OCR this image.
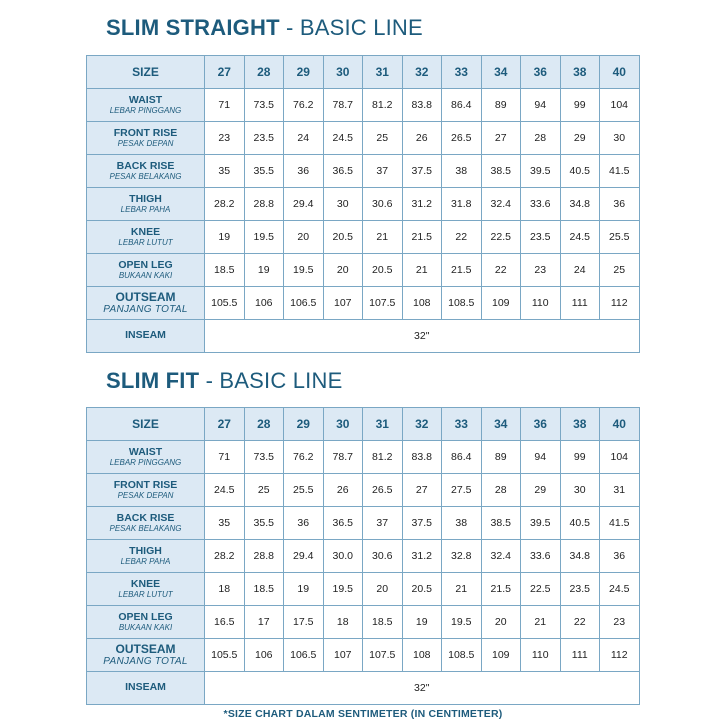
SLIM STRAIGHT - BASIC LINE
SIZE	27	28	29	30	31	32	33	34	36	38	40

WAIST
LEBAR PINGGANG	71	73.5	76.2	78.7	81.2	83.8	86.4	89	94	99	104

FRONT RISE
PESAK DEPAN	23	23.5	24	24.5	25	26	26.5	27	28	29	30

BACK RISE
PESAK BELAKANG	35	35.5	36	36.5	37	37.5	38	38.5	39.5	40.5	41.5

THIGH
LEBAR PAHA	28.2	28.8	29.4	30	30.6	31.2	31.8	32.4	33.6	34.8	36

KNEE
LEBAR LUTUT	19	19.5	20	20.5	21	21.5	22	22.5	23.5	24.5	25.5

OPEN LEG
BUKAAN KAKI	18.5	19	19.5	20	20.5	21	21.5	22	23	24	25

OUTSEAM
PANJANG TOTAL	105.5	106	106.5	107	107.5	108	108.5	109	110	111	112

INSEAM	32"										
SLIM FIT - BASIC LINE
SIZE	27	28	29	30	31	32	33	34	36	38	40

WAIST
LEBAR PINGGANG	71	73.5	76.2	78.7	81.2	83.8	86.4	89	94	99	104

FRONT RISE
PESAK DEPAN	24.5	25	25.5	26	26.5	27	27.5	28	29	30	31

BACK RISE
PESAK BELAKANG	35	35.5	36	36.5	37	37.5	38	38.5	39.5	40.5	41.5

THIGH
LEBAR PAHA	28.2	28.8	29.4	30.0	30.6	31.2	32.8	32.4	33.6	34.8	36

KNEE
LEBAR LUTUT	18	18.5	19	19.5	20	20.5	21	21.5	22.5	23.5	24.5

OPEN LEG
BUKAAN KAKI	16.5	17	17.5	18	18.5	19	19.5	20	21	22	23

OUTSEAM
PANJANG TOTAL	105.5	106	106.5	107	107.5	108	108.5	109	110	111	112

INSEAM	32"										

*SIZE CHART DALAM SENTIMETER (IN CENTIMETER)
